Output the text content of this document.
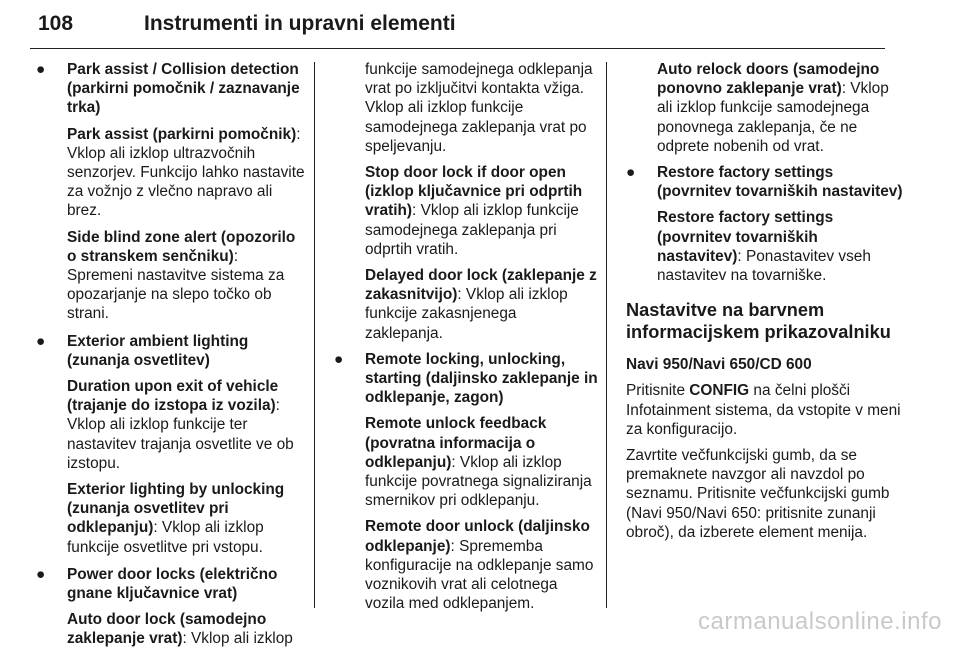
108	Instrumenti in upravni elementi
● Park assist / Collision detection (parkirni pomočnik / zaznavanje trka)
Park assist (parkirni pomočnik): Vklop ali izklop ultrazvočnih senzorjev. Funkcijo lahko nastavite za vožnjo z vlečno napravo ali brez.
Side blind zone alert (opozorilo o stranskem senčniku): Spremeni nastavitve sistema za opozarjanje na slepo točko ob strani.
● Exterior ambient lighting (zunanja osvetlitev)
Duration upon exit of vehicle (trajanje do izstopa iz vozila): Vklop ali izklop funkcije ter nastavitev trajanja osvetlite ve ob izstopu.
Exterior lighting by unlocking (zunanja osvetlitev pri odklepanju): Vklop ali izklop funkcije osvetlitve pri vstopu.
● Power door locks (električno gnane ključavnice vrat)
Auto door lock (samodejno zaklepanje vrat): Vklop ali izklop
funkcije samodejnega odklepanja vrat po izključitvi kontakta vžiga. Vklop ali izklop funkcije samodejnega zaklepanja vrat po speljevanju.
Stop door lock if door open (izklop ključavnice pri odprtih vratih): Vklop ali izklop funkcije samodejnega zaklepanja pri odprtih vratih.
Delayed door lock (zaklepanje z zakasnitvijo): Vklop ali izklop funkcije zakasnjenega zaklepanja.
● Remote locking, unlocking, starting (daljinsko zaklepanje in odklepanje, zagon)
Remote unlock feedback (povratna informacija o odklepanju): Vklop ali izklop funkcije povratnega signaliziranja smernikov pri odklepanju.
Remote door unlock (daljinsko odklepanje): Sprememba konfiguracije na odklepanje samo voznikovih vrat ali celotnega vozila med odklepanjem.
Auto relock doors (samodejno ponovno zaklepanje vrat): Vklop ali izklop funkcije samodejnega ponovnega zaklepanja, če ne odprete nobenih od vrat.
● Restore factory settings (povrnitev tovarniških nastavitev)
Restore factory settings (povrnitev tovarniških nastavitev): Ponastavitev vseh nastavitev na tovarniške.
Nastavitve na barvnem informacijskem prikazovalniku
Navi 950/Navi 650/CD 600
Pritisnite CONFIG na čelni plošči Infotainment sistema, da vstopite v meni za konfiguracijo.
Zavrtite večfunkcijski gumb, da se premaknete navzgor ali navzdol po seznamu. Pritisnite večfunkcijski gumb (Navi 950/Navi 650: pritisnite zunanji obroč), da izberete element menija.
carmanualsonline.info
